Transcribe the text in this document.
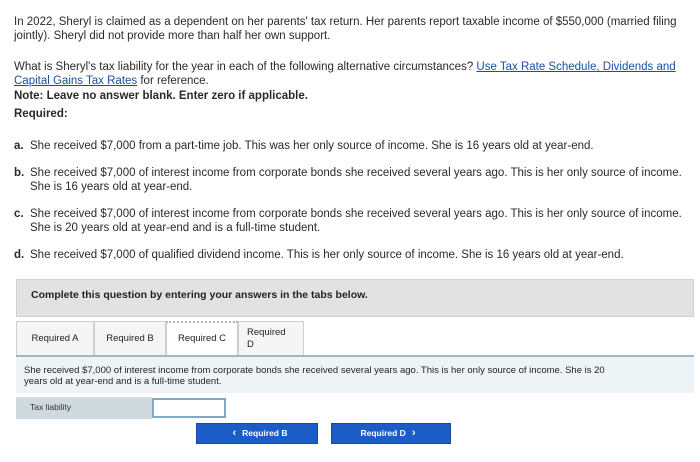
In 2022, Sheryl is claimed as a dependent on her parents' tax return. Her parents report taxable income of $550,000 (married filing jointly). Sheryl did not provide more than half her own support.
What is Sheryl's tax liability for the year in each of the following alternative circumstances? Use Tax Rate Schedule, Dividends and Capital Gains Tax Rates for reference.
Note: Leave no answer blank. Enter zero if applicable.
Required:
a. She received $7,000 from a part-time job. This was her only source of income. She is 16 years old at year-end.
b. She received $7,000 of interest income from corporate bonds she received several years ago. This is her only source of income. She is 16 years old at year-end.
c. She received $7,000 of interest income from corporate bonds she received several years ago. This is her only source of income. She is 20 years old at year-end and is a full-time student.
d. She received $7,000 of qualified dividend income. This is her only source of income. She is 16 years old at year-end.
Complete this question by entering your answers in the tabs below.
Required A	Required B	Required C
Required D
She received $7,000 of interest income from corporate bonds she received several years ago. This is her only source of income. She is 20 years old at year-end and is a full-time student.
Tax liability
‹ Required B	Required D ›
